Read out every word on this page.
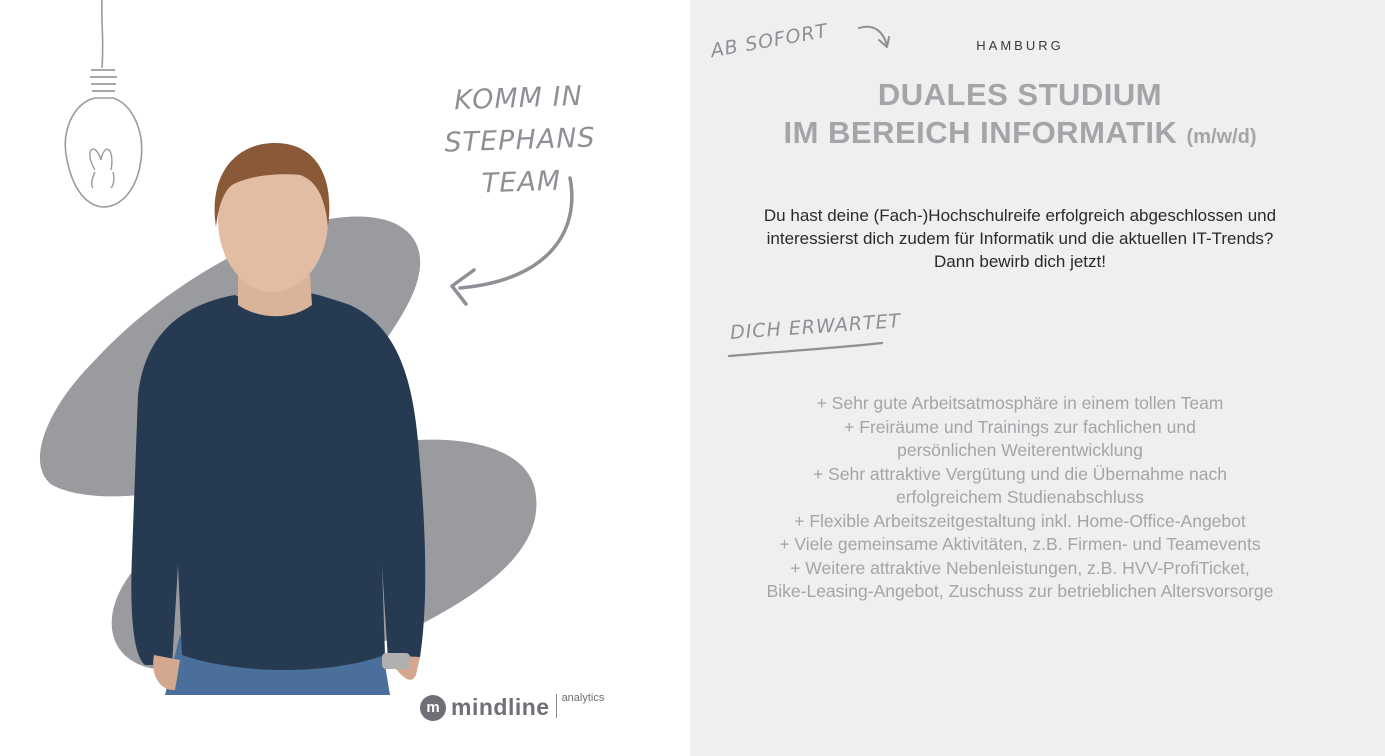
KOMM IN
STEPHANS TEAM
m mindline analytics
AB SOFORT	HAMBURG
DUALES STUDIUM
IM BEREICH INFORMATIK (m/w/d)
Du hast deine (Fach-)Hochschulreife erfolgreich abgeschlossen und
interessierst dich zudem für Informatik und die aktuellen IT-Trends?
Dann bewirb dich jetzt!
DICH ERWARTET
+ Sehr gute Arbeitsatmosphäre in einem tollen Team
+ Freiräume und Trainings zur fachlichen und
persönlichen Weiterentwicklung
+ Sehr attraktive Vergütung und die Übernahme nach
erfolgreichem Studienabschluss
+ Flexible Arbeitszeitgestaltung inkl. Home-Office-Angebot
+ Viele gemeinsame Aktivitäten, z.B. Firmen- und Teamevents
+ Weitere attraktive Nebenleistungen, z.B. HVV-ProfiTicket,
Bike-Leasing-Angebot, Zuschuss zur betrieblichen Altersvorsorge
